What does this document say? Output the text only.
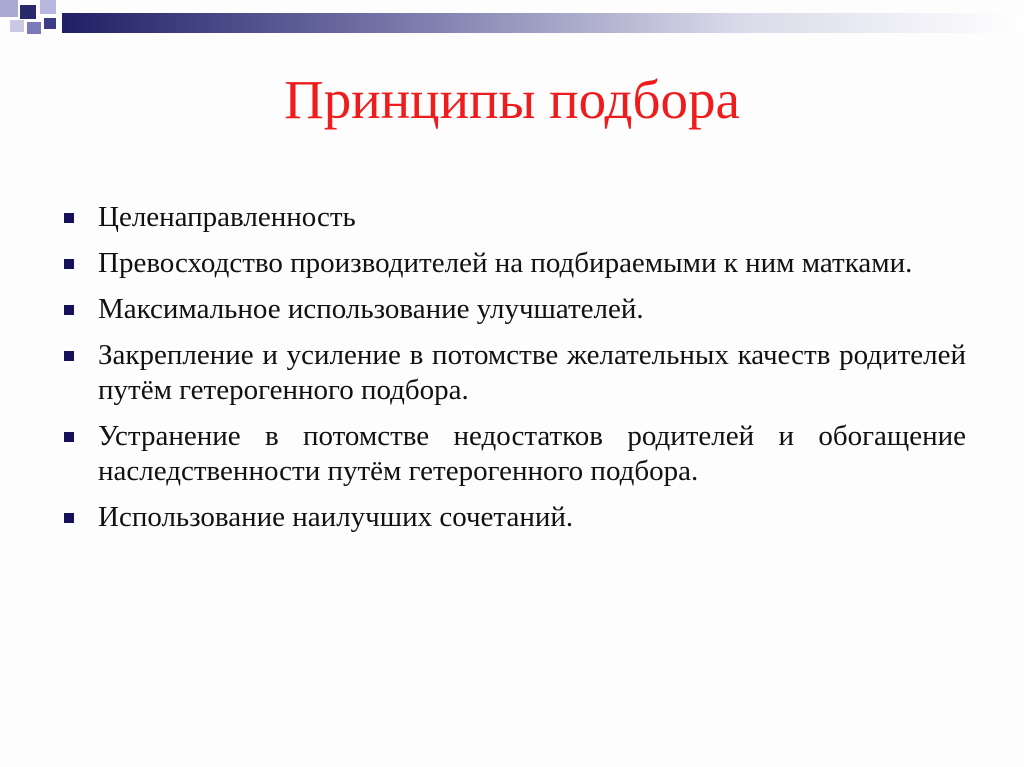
Принципы подбора
Целенаправленность
Превосходство производителей на подбираемыми к ним матками.
Максимальное использование улучшателей.
Закрепление и усиление в потомстве желательных качеств родителей путём гетерогенного подбора.
Устранение в потомстве недостатков родителей и обогащение наследственности путём гетерогенного подбора.
Использование наилучших сочетаний.
